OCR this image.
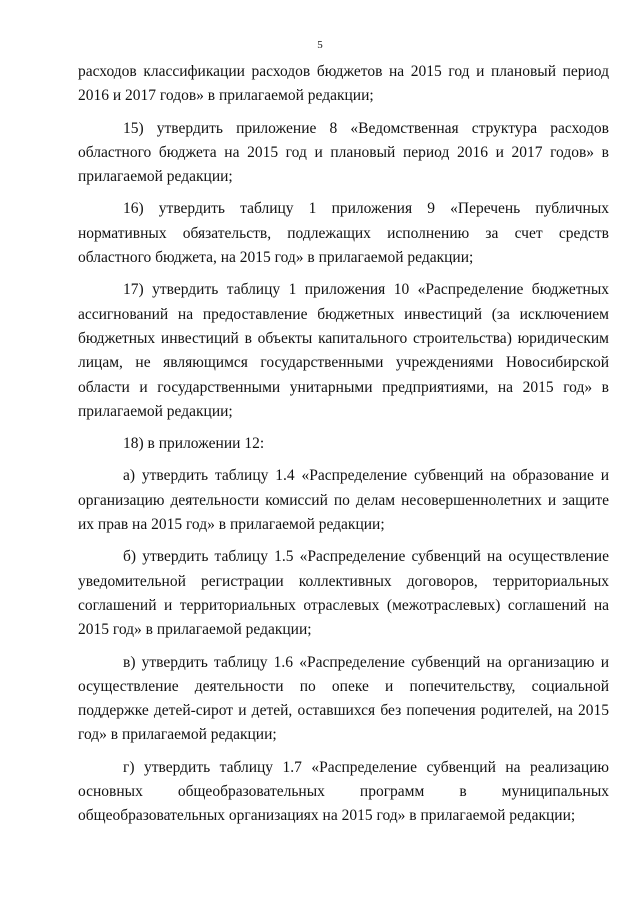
5

расходов классификации расходов бюджетов на 2015 год и плановый период 2016 и 2017 годов» в прилагаемой редакции;

15) утвердить приложение 8 «Ведомственная структура расходов областного бюджета на 2015 год и плановый период 2016 и 2017 годов» в прилагаемой редакции;

16) утвердить таблицу 1 приложения 9 «Перечень публичных нормативных обязательств, подлежащих исполнению за счет средств областного бюджета, на 2015 год» в прилагаемой редакции;

17) утвердить таблицу 1 приложения 10 «Распределение бюджетных ассигнований на предоставление бюджетных инвестиций (за исключением бюджетных инвестиций в объекты капитального строительства) юридическим лицам, не являющимся государственными учреждениями Новосибирской области и государственными унитарными предприятиями, на 2015 год» в прилагаемой редакции;

18) в приложении 12:

а) утвердить таблицу 1.4 «Распределение субвенций на образование и организацию деятельности комиссий по делам несовершеннолетних и защите их прав на 2015 год» в прилагаемой редакции;

б) утвердить таблицу 1.5 «Распределение субвенций на осуществление уведомительной регистрации коллективных договоров, территориальных соглашений и территориальных отраслевых (межотраслевых) соглашений на 2015 год» в прилагаемой редакции;

в) утвердить таблицу 1.6 «Распределение субвенций на организацию и осуществление деятельности по опеке и попечительству, социальной поддержке детей-сирот и детей, оставшихся без попечения родителей, на 2015 год» в прилагаемой редакции;

г) утвердить таблицу 1.7 «Распределение субвенций на реализацию основных общеобразовательных программ в муниципальных общеобразовательных организациях на 2015 год» в прилагаемой редакции;
